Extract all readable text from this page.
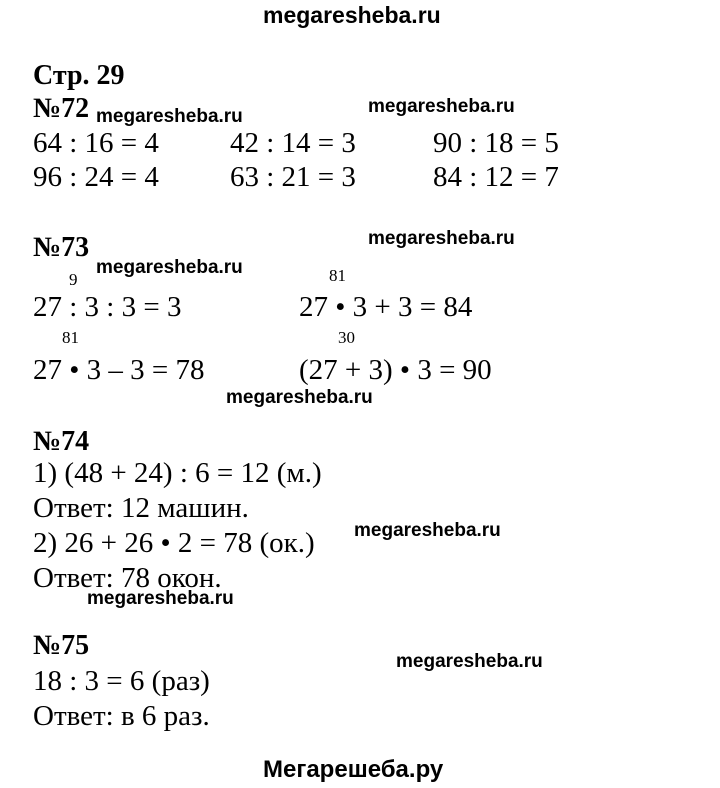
megaresheba.ru
Стр. 29
№72 megaresheba.ru	megaresheba.ru
64 : 16 = 4 42 : 14 = 3	90 : 18 = 5
96 : 24 = 4 63 : 21 = 3	84 : 12 = 7
№73	megaresheba.ru
9
megaresheba.ru	81
27 : 3 : 3 = 3	27 • 3 + 3 = 84
81	30
27 • 3 – 3 = 78	(27 + 3) • 3 = 90
megaresheba.ru
№74
1) (48 + 24) : 6 = 12 (м.)
Ответ: 12 машин.
megaresheba.ru
2) 26 + 26 • 2 = 78 (ок.)
Ответ: 78 окон.
megaresheba.ru
№75
megaresheba.ru
18 : 3 = 6 (раз)
Ответ: в 6 раз.
Мегарешеба.ру
